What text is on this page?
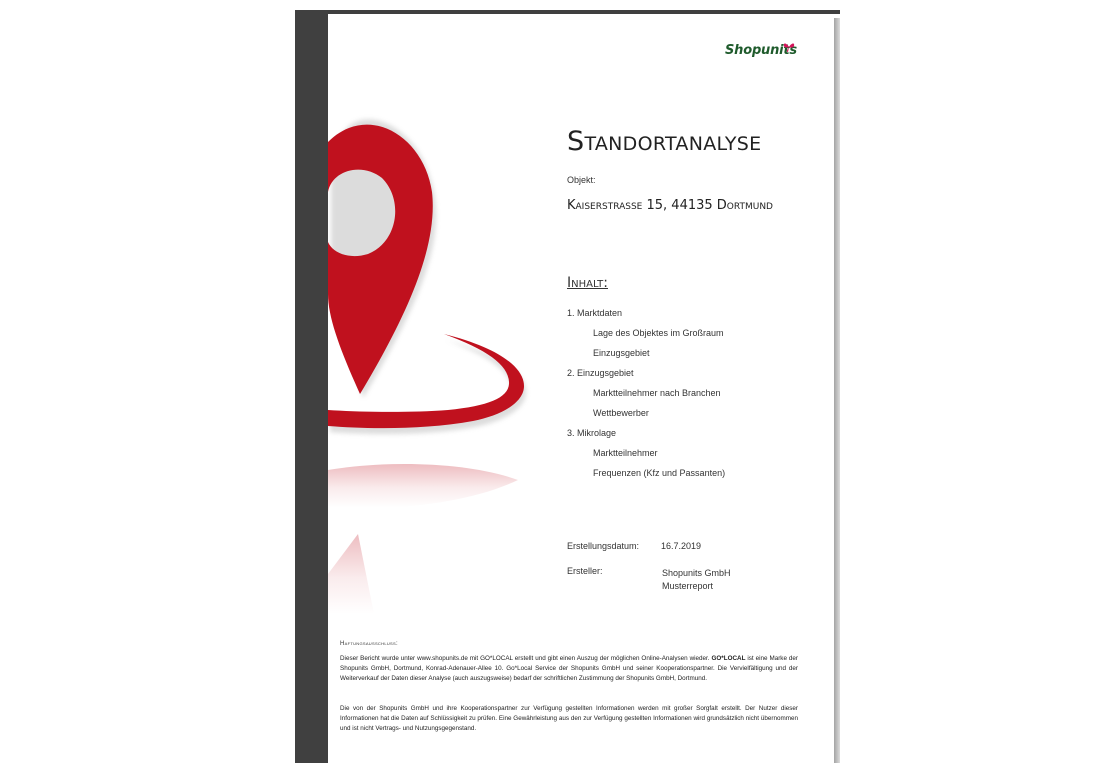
Shopunits
Standortanalyse
Objekt:
Kaiserstraße 15, 44135 Dortmund
Inhalt:
1. Marktdaten
Lage des Objektes im Großraum
Einzugsgebiet
2. Einzugsgebiet
Marktteilnehmer nach Branchen
Wettbewerber
3. Mikrolage
Marktteilnehmer
Frequenzen (Kfz und Passanten)
Erstellungsdatum: 16.7.2019
Ersteller:	Shopunits GmbH
Musterreport
Haftungsausschluss:

Dieser Bericht wurde unter www.shopunits.de mit GO*LOCAL erstellt und gibt einen Auszug der möglichen Online-Analysen wieder. GO*LOCAL ist eine Marke der Shopunits GmbH, Dortmund, Konrad-Adenauer-Allee 10. Go*Local Service der Shopunits GmbH und seiner Kooperationspartner. Die Vervielfältigung und der Weiterverkauf der Daten dieser Analyse (auch auszugsweise) bedarf der schriftlichen Zustimmung der Shopunits GmbH, Dortmund.

Die von der Shopunits GmbH und ihre Kooperationspartner zur Verfügung gestellten Informationen werden mit großer Sorgfalt erstellt. Der Nutzer dieser Informationen hat die Daten auf Schlüssigkeit zu prüfen. Eine Gewährleistung aus den zur Verfügung gestellten Informationen wird grundsätzlich nicht übernommen und ist nicht Vertrags- und Nutzungsgegenstand.
